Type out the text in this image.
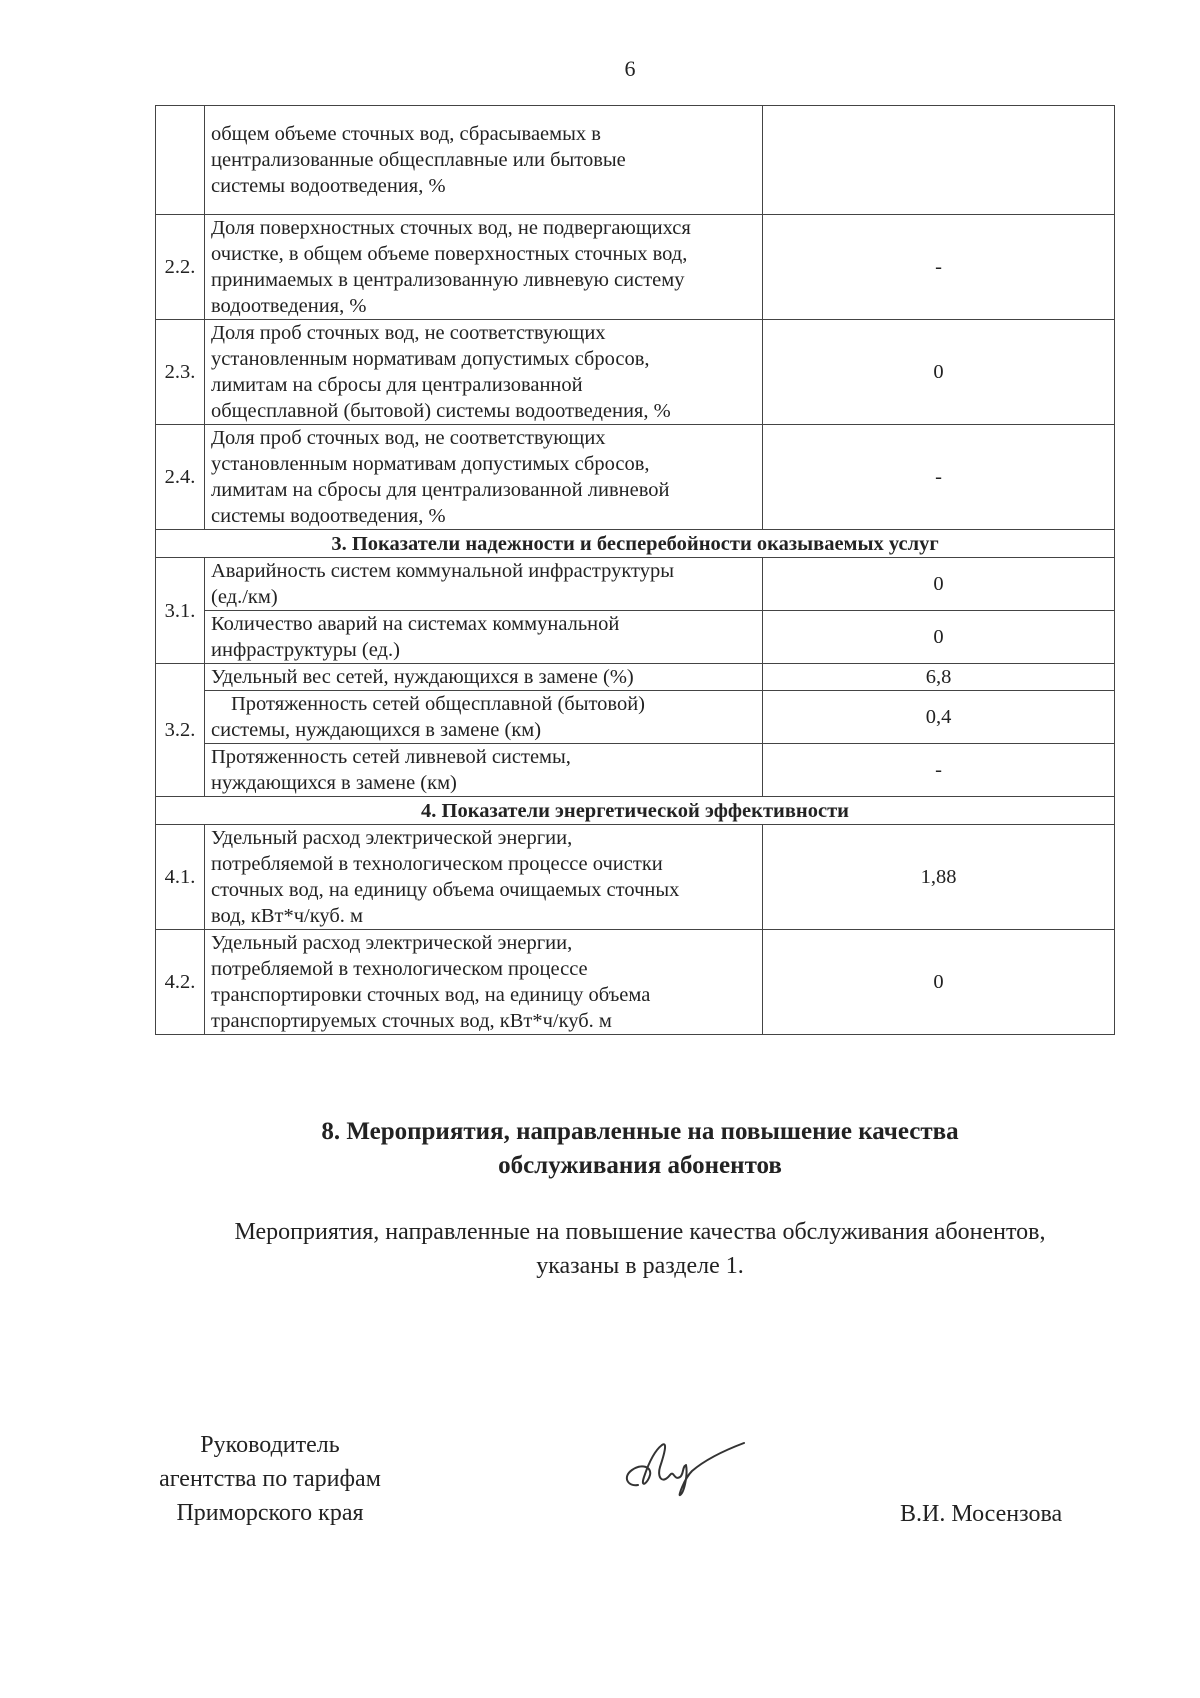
6

	общем объеме сточных вод, сбрасываемых в
централизованные общесплавные или бытовые
системы водоотведения, %	

2.2.	Доля поверхностных сточных вод, не подвергающихся
очистке, в общем объеме поверхностных сточных вод,
принимаемых в централизованную ливневую систему
водоотведения, %	-
2.3.	Доля проб сточных вод, не соответствующих
установленным нормативам допустимых сбросов,
лимитам на сбросы для централизованной
общесплавной (бытовой) системы водоотведения, %	0
2.4.	Доля проб сточных вод, не соответствующих
установленным нормативам допустимых сбросов,
лимитам на сбросы для централизованной ливневой
системы водоотведения, %	-
3. Показатели надежности и бесперебойности оказываемых услуг		
3.1.	Аварийность систем коммунальной инфраструктуры
(ед./км)	0

	Количество аварий на системах коммунальной
инфраструктуры (ед.)	0
3.2.	Удельный вес сетей, нуждающихся в замене (%)	6,8

	Протяженность сетей общесплавной (бытовой)
системы, нуждающихся в замене (км)	0,4

	Протяженность сетей ливневой системы,
нуждающихся в замене (км)	-
4. Показатели энергетической эффективности		
4.1.	Удельный расход электрической энергии,
потребляемой в технологическом процессе очистки
сточных вод, на единицу объема очищаемых сточных
вод, кВт*ч/куб. м	1,88
4.2.	Удельный расход электрической энергии,
потребляемой в технологическом процессе
транспортировки сточных вод, на единицу объема
транспортируемых сточных вод, кВт*ч/куб. м	0
8. Мероприятия, направленные на повышение качества
обслуживания абонентов
Мероприятия, направленные на повышение качества обслуживания абонентов,
указаны в разделе 1.
Руководитель
агентства по тарифам
Приморского края	В.И. Мосензова
